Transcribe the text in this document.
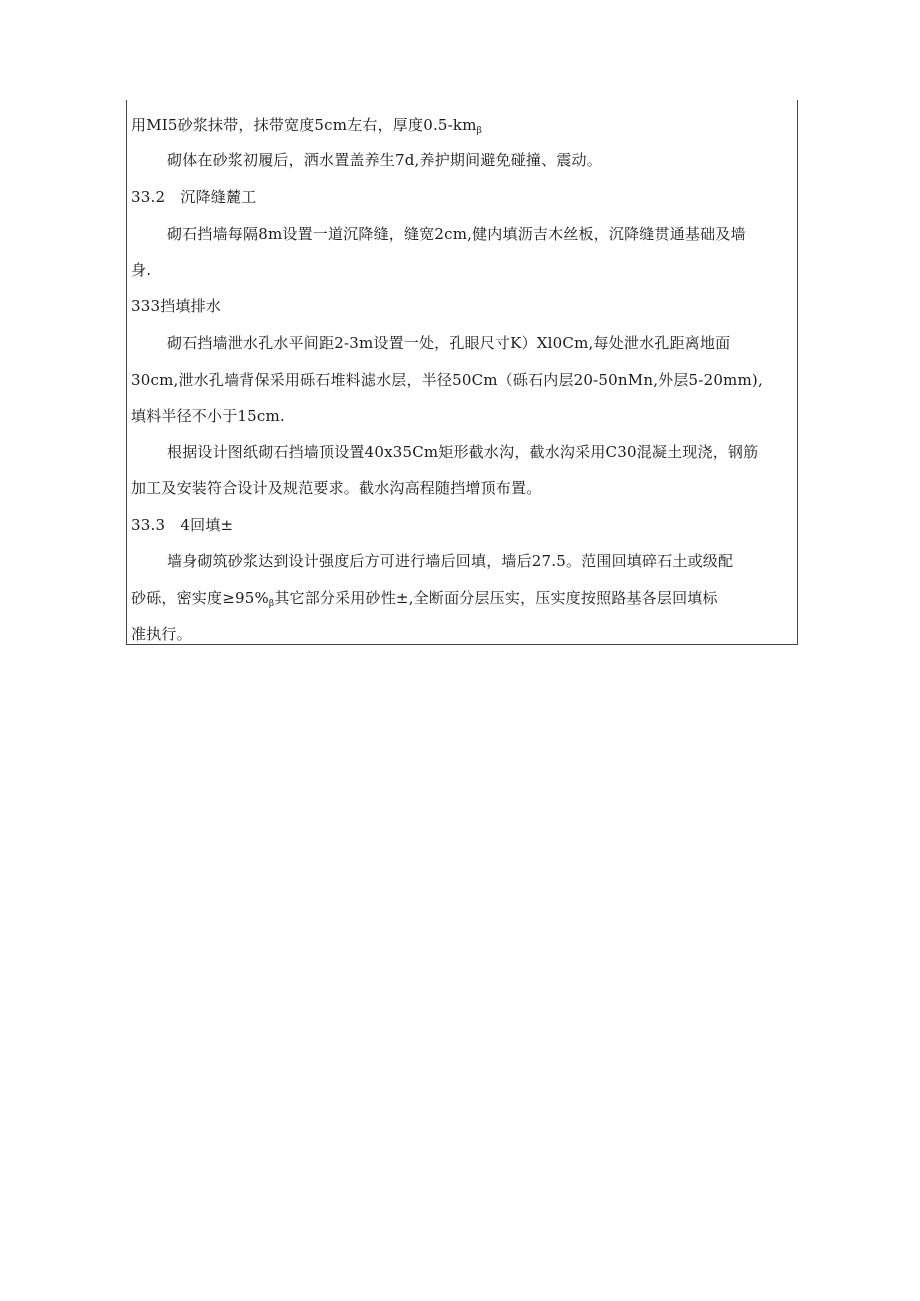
用MI5砂浆抹带，抹带宽度5cm左右，厚度$0.5-km_\beta$
砌体在砂浆初履后，洒水置盖养生7d,养护期间避免碰撞、震动。
33.2　沉降缝麓工
砌石挡墙每隔8m设置一道沉降缝，缝宽2cm,健内填沥吉木丝板，沉降缝贯通基础及墙
身.
333挡填排水
砌石挡墙泄水孔水平间距2-3m设置一处，孔眼尺寸K）Xl0Cm,每处泄水孔距离地面
30cm,泄水孔墙背保采用砾石堆料滤水层，半径50Cm（砾石内层20-50nMn,外层5-20mm),
填料半径不小于15cm.
根据设计图纸砌石挡墙顶设置40x35Cm矩形截水沟，截水沟采用C30混凝土现浇，钢筋
加工及安装符合设计及规范要求。截水沟高程随挡增顶布置。
33.3　4回填±
墙身砌筑砂浆达到设计强度后方可进行墙后回填，墙后27.5。范围回填碎石土或级配
砂砾，密实度$\ge 95\%_\beta$其它部分采用砂性±,全断面分层压实，压实度按照路基各层回填标
准执行。
